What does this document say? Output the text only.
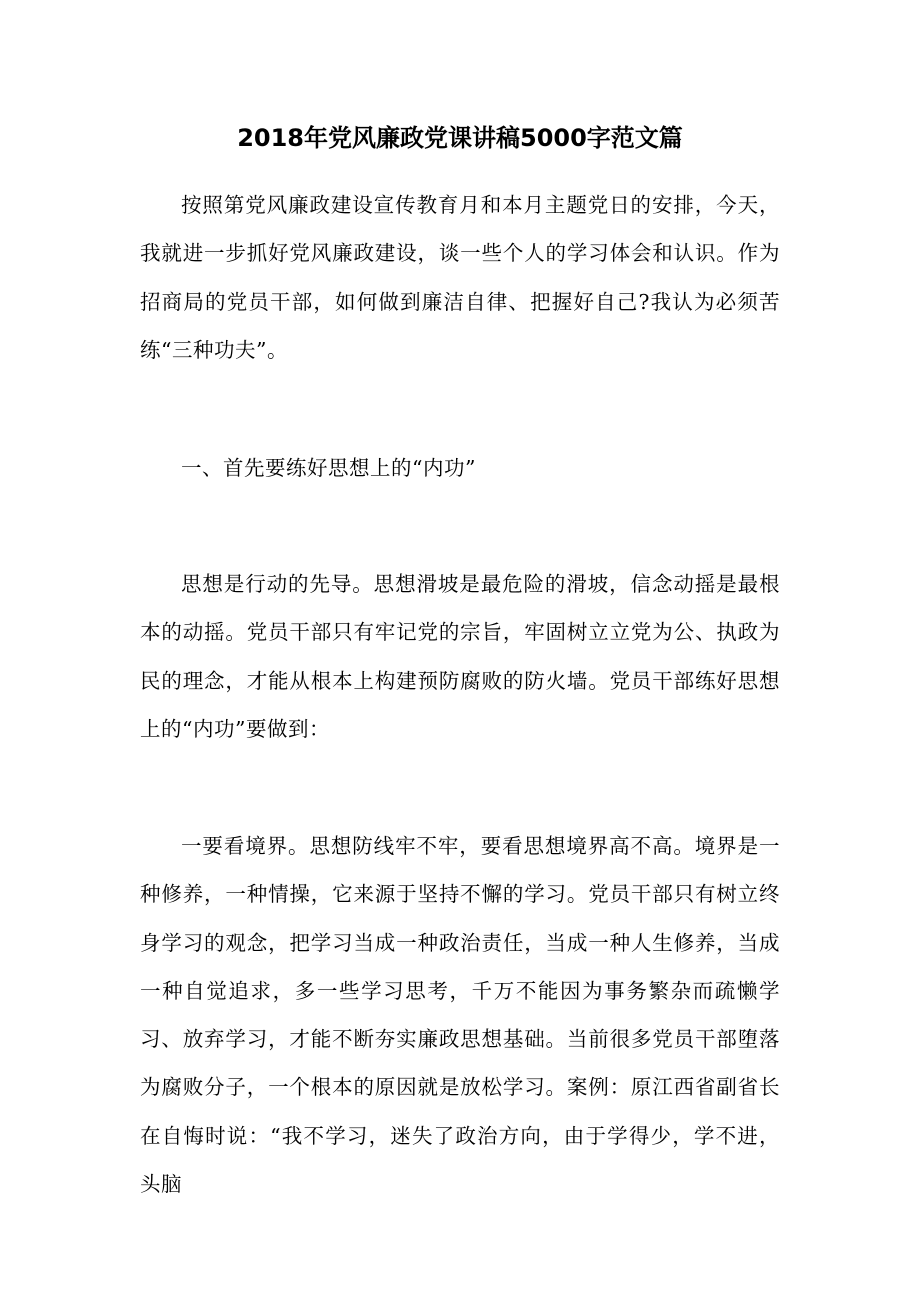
2018年党风廉政党课讲稿5000字范文篇

按照第党风廉政建设宣传教育月和本月主题党日的安排，今天，我就进一步抓好党风廉政建设，谈一些个人的学习体会和认识。作为招商局的党员干部，如何做到廉洁自律、把握好自己?我认为必须苦练“三种功夫”。

一、首先要练好思想上的“内功”

思想是行动的先导。思想滑坡是最危险的滑坡，信念动摇是最根本的动摇。党员干部只有牢记党的宗旨，牢固树立立党为公、执政为民的理念，才能从根本上构建预防腐败的防火墙。党员干部练好思想上的“内功”要做到：

一要看境界。思想防线牢不牢，要看思想境界高不高。境界是一种修养，一种情操，它来源于坚持不懈的学习。党员干部只有树立终身学习的观念，把学习当成一种政治责任，当成一种人生修养，当成一种自觉追求，多一些学习思考，千万不能因为事务繁杂而疏懒学习、放弃学习，才能不断夯实廉政思想基础。当前很多党员干部堕落为腐败分子，一个根本的原因就是放松学习。案例：原江西省副省长在自悔时说：“我不学习，迷失了政治方向，由于学得少，学不进，头脑
